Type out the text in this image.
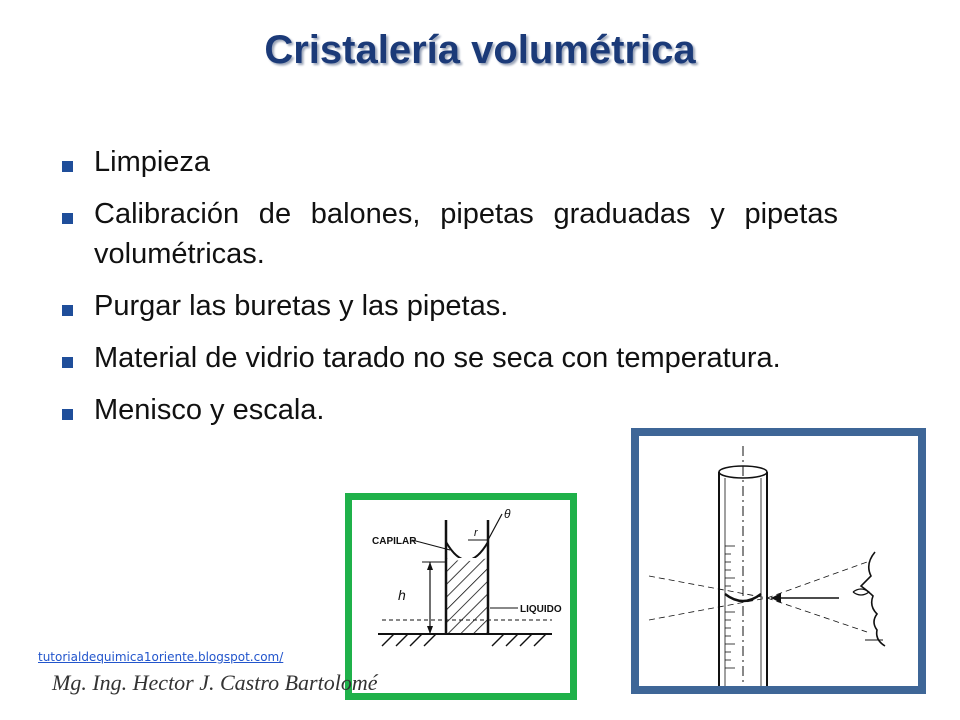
Cristalería volumétrica
Limpieza
Calibración de balones, pipetas graduadas y pipetas volumétricas.
Purgar las buretas y las pipetas.
Material de vidrio tarado no se seca con temperatura.
Menisco y escala.
CAPILAR
LIQUIDO
θ
r
h
tutorialdequimica1oriente.blogspot.com/
Mg. Ing. Hector J. Castro Bartolomé
